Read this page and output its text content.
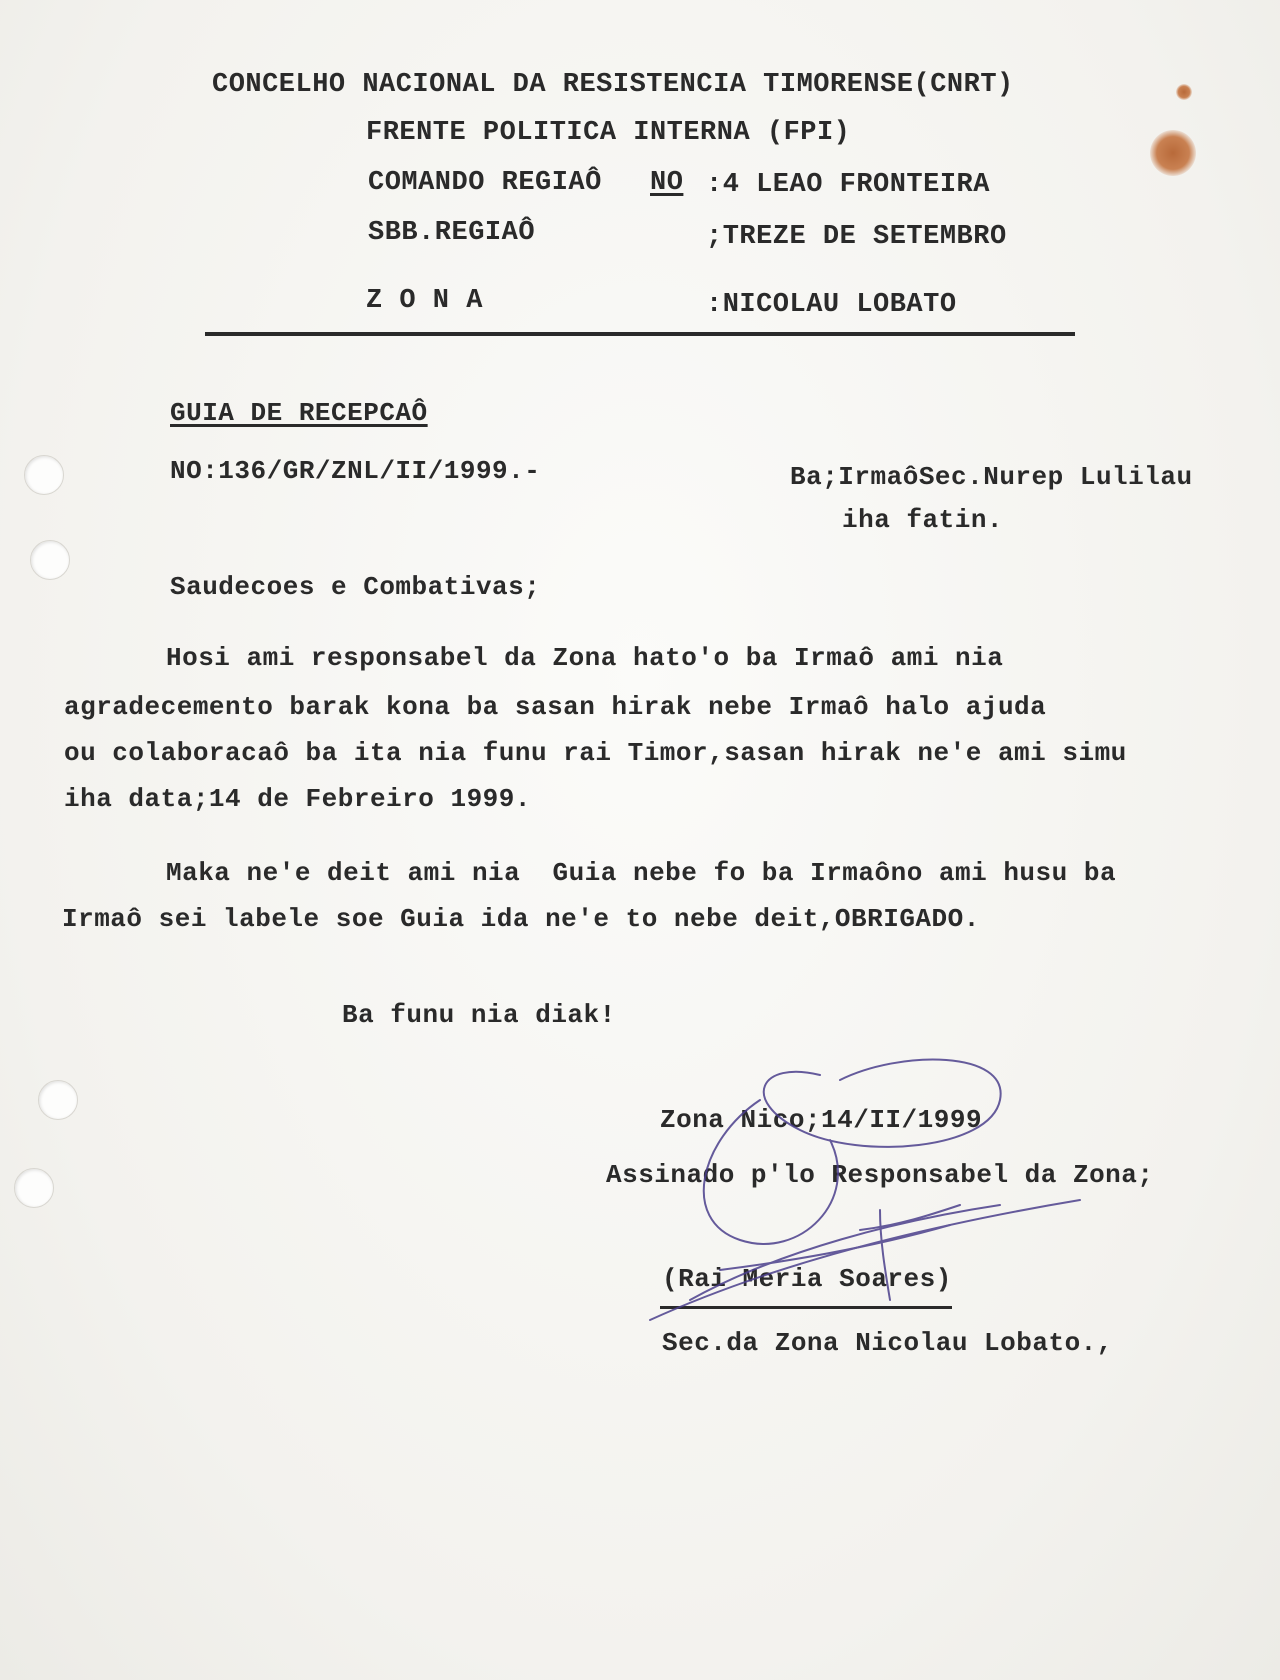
CONCELHO NACIONAL DA RESISTENCIA TIMORENSE(CNRT)
FRENTE POLITICA INTERNA (FPI)
COMANDO REGIAÔ NO :4 LEAO FRONTEIRA
SBB.REGIAÔ	;TREZE DE SETEMBRO
Z O N A	:NICOLAU LOBATO
GUIA DE RECEPCAÔ
NO:136/GR/ZNL/II/1999.-	Ba;IrmaôSec.Nurep Lulilau
iha fatin.
Saudecoes e Combativas;
Hosi ami responsabel da Zona hato'o ba Irmaô ami nia
agradecemento barak kona ba sasan hirak nebe Irmaô halo ajuda
ou colaboracaô ba ita nia funu rai Timor,sasan hirak ne'e ami simu
iha data;14 de Febreiro 1999.
Maka ne'e deit ami nia  Guia nebe fo ba Irmaôno ami husu ba
Irmaô sei labele soe Guia ida ne'e to nebe deit,OBRIGADO.
Ba funu nia diak!
Zona Nico;14/II/1999
Assinado p'lo Responsabel da Zona;
(Rai Meria Soares)
Sec.da Zona Nicolau Lobato.,
